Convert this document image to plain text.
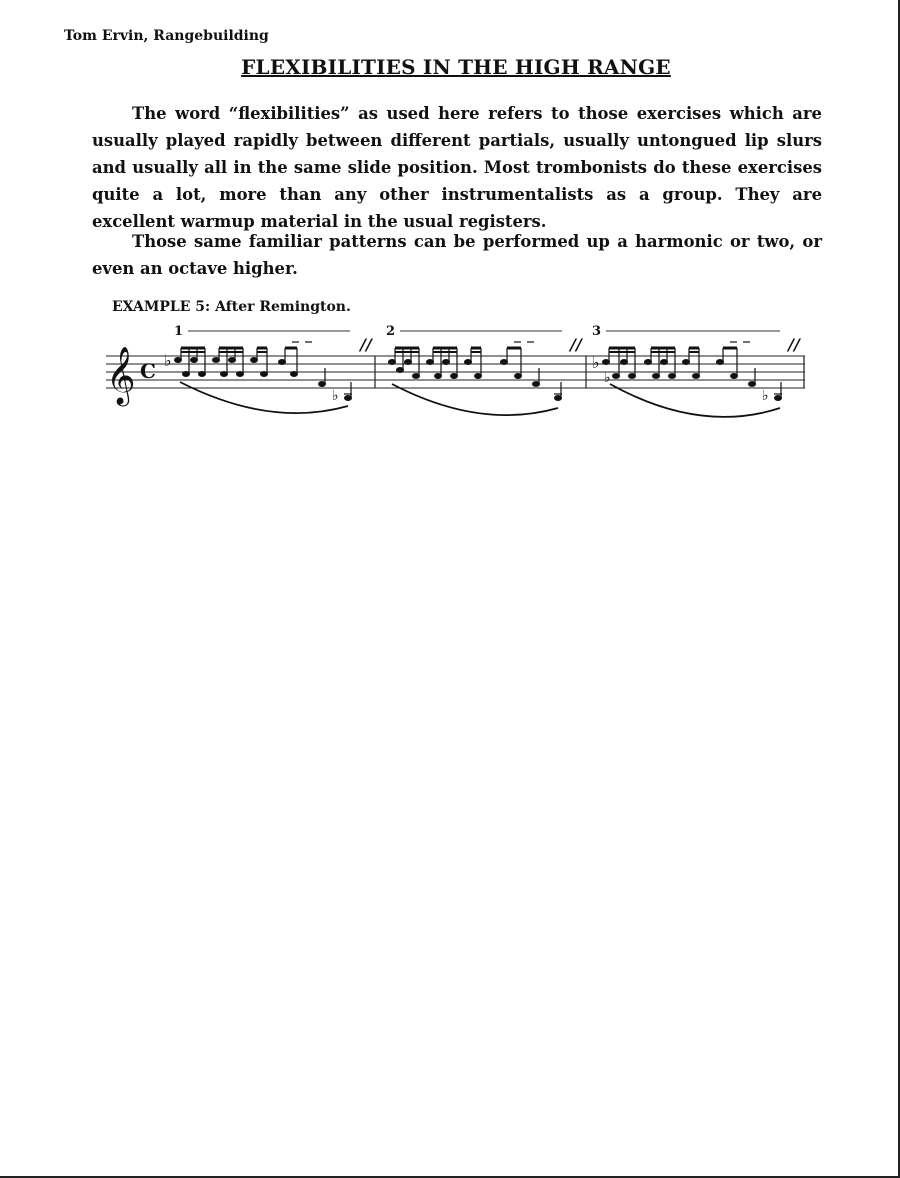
Tom Ervin, Rangebuilding
FLEXIBILITIES IN THE HIGH RANGE

The word “flexibilities” as used here refers to those exercises which are usually played rapidly between different partials, usually untongued lip slurs and usually all in the same slide position. Most trombonists do these exercises quite a lot, more than any other instrumentalists as a group. They are excellent warmup material in the usual registers.

Those same familiar patterns can be performed up a harmonic or two, or even an octave higher.

EXAMPLE 5: After Remington.
𝄞 C
1	2	3
//	//	//
♭
♭
♭
♭
♭
